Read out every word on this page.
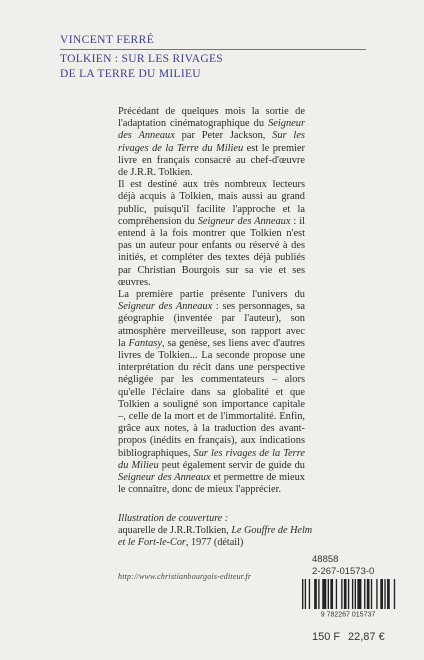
VINCENT FERRÉ
TOLKIEN : SUR LES RIVAGES
DE LA TERRE DU MILIEU

Précédant de quelques mois la sortie de l'adaptation cinématographique du Seigneur des Anneaux par Peter Jackson, Sur les rivages de la Terre du Milieu est le premier livre en français consacré au chef-d'œuvre de J.R.R. Tolkien.

Il est destiné aux très nombreux lecteurs déjà acquis à Tolkien, mais aussi au grand public, puisqu'il facilite l'approche et la compréhension du Seigneur des Anneaux : il entend à la fois montrer que Tolkien n'est pas un auteur pour enfants ou réservé à des initiés, et compléter des textes déjà publiés par Christian Bourgois sur sa vie et ses œuvres.

La première partie présente l'univers du Seigneur des Anneaux : ses personnages, sa géographie (inventée par l'auteur), son atmosphère merveilleuse, son rapport avec la Fantasy, sa genèse, ses liens avec d'autres livres de Tolkien... La seconde propose une interprétation du récit dans une perspective négligée par les commentateurs – alors qu'elle l'éclaire dans sa globalité et que Tolkien a souligné son importance capitale –, celle de la mort et de l'immortalité. Enfin, grâce aux notes, à la traduction des avant-propos (inédits en français), aux indications bibliographiques, Sur les rivages de la Terre du Milieu peut également servir de guide du Seigneur des Anneaux et permettre de mieux le connaître, donc de mieux l'apprécier.

Illustration de couverture :
aquarelle de J.R.R.Tolkien, Le Gouffre de Helm et le Fort-le-Cor, 1977 (détail)
http://www.christianbourgois-editeur.fr
48858
2-267-01573-0
9 782267 015737
150 F 22,87 €
